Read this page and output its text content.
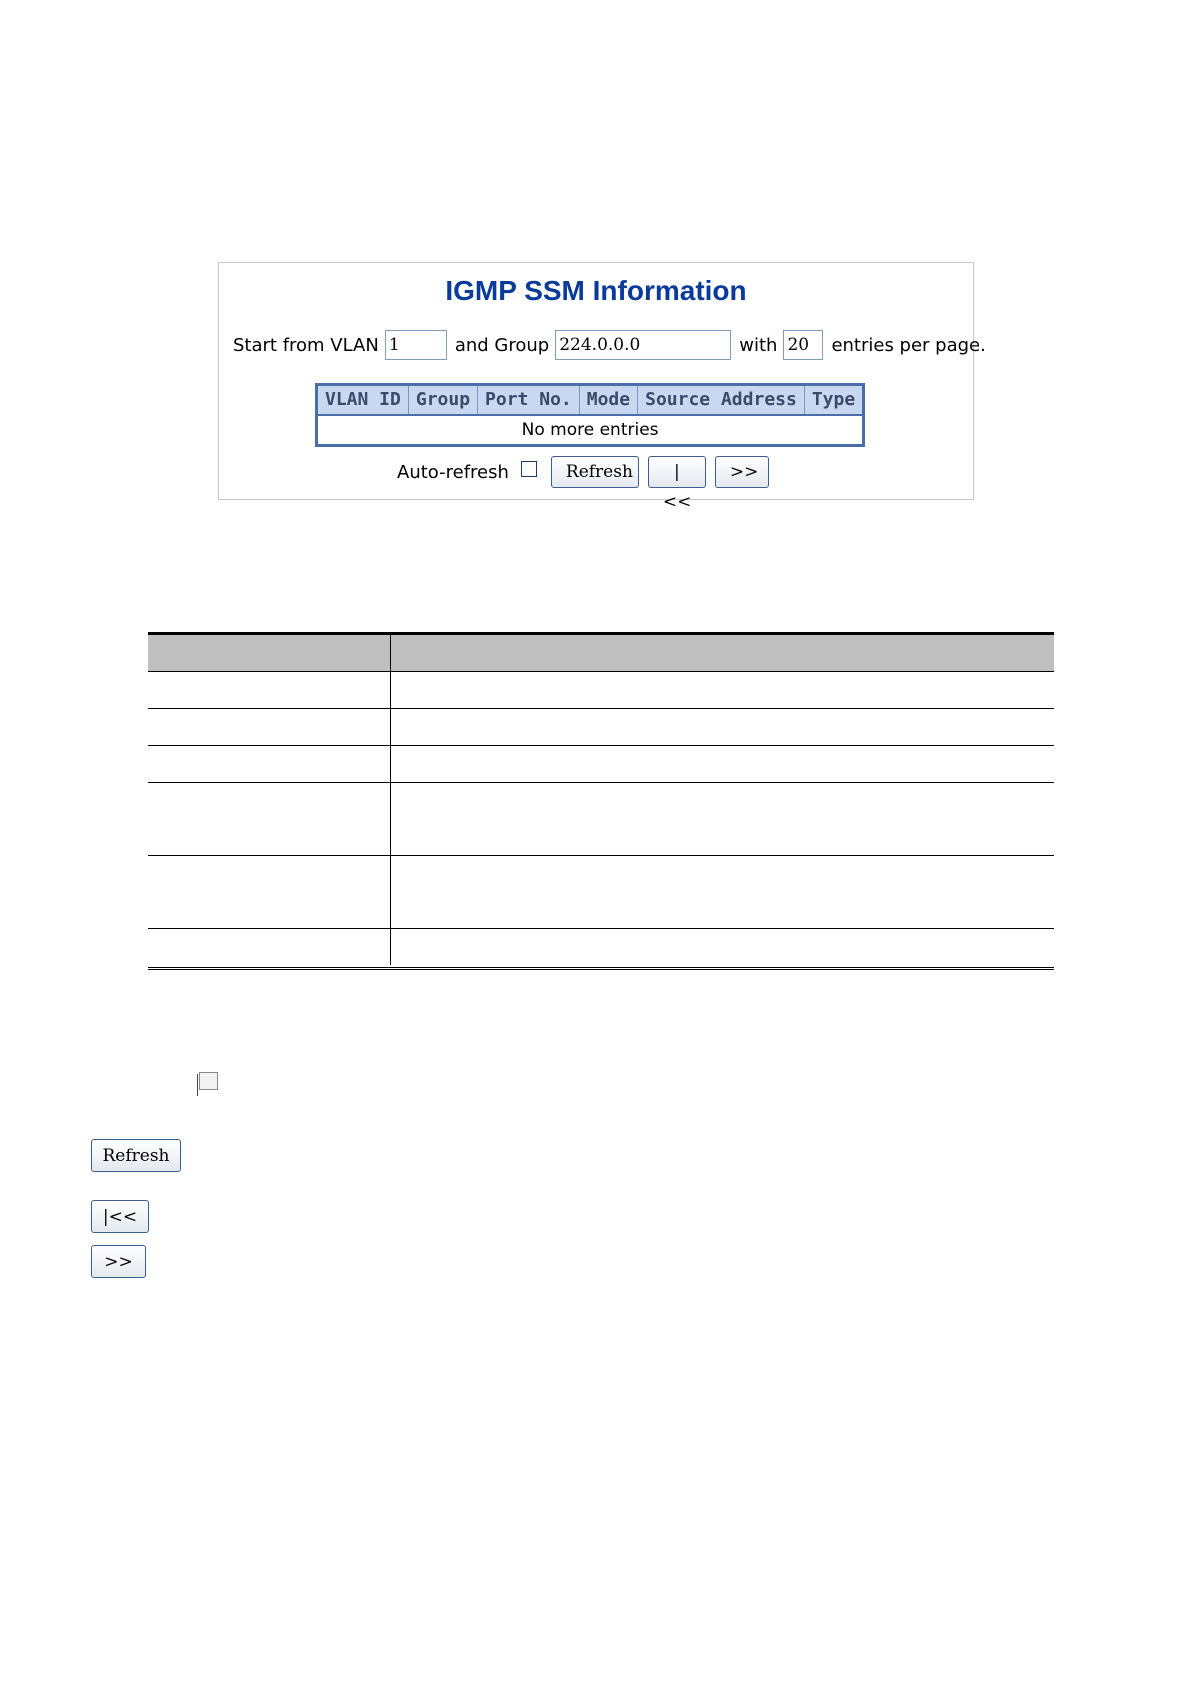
IGMP SSM Information
Start from VLAN
1	and Group
224.0.0.0	with
20	entries per page.
VLAN ID	Group	Port No.	Mode	Source Address	Type
No more entries
Auto-refresh	Refresh	|<<
>>
Refresh
|<<
>>
